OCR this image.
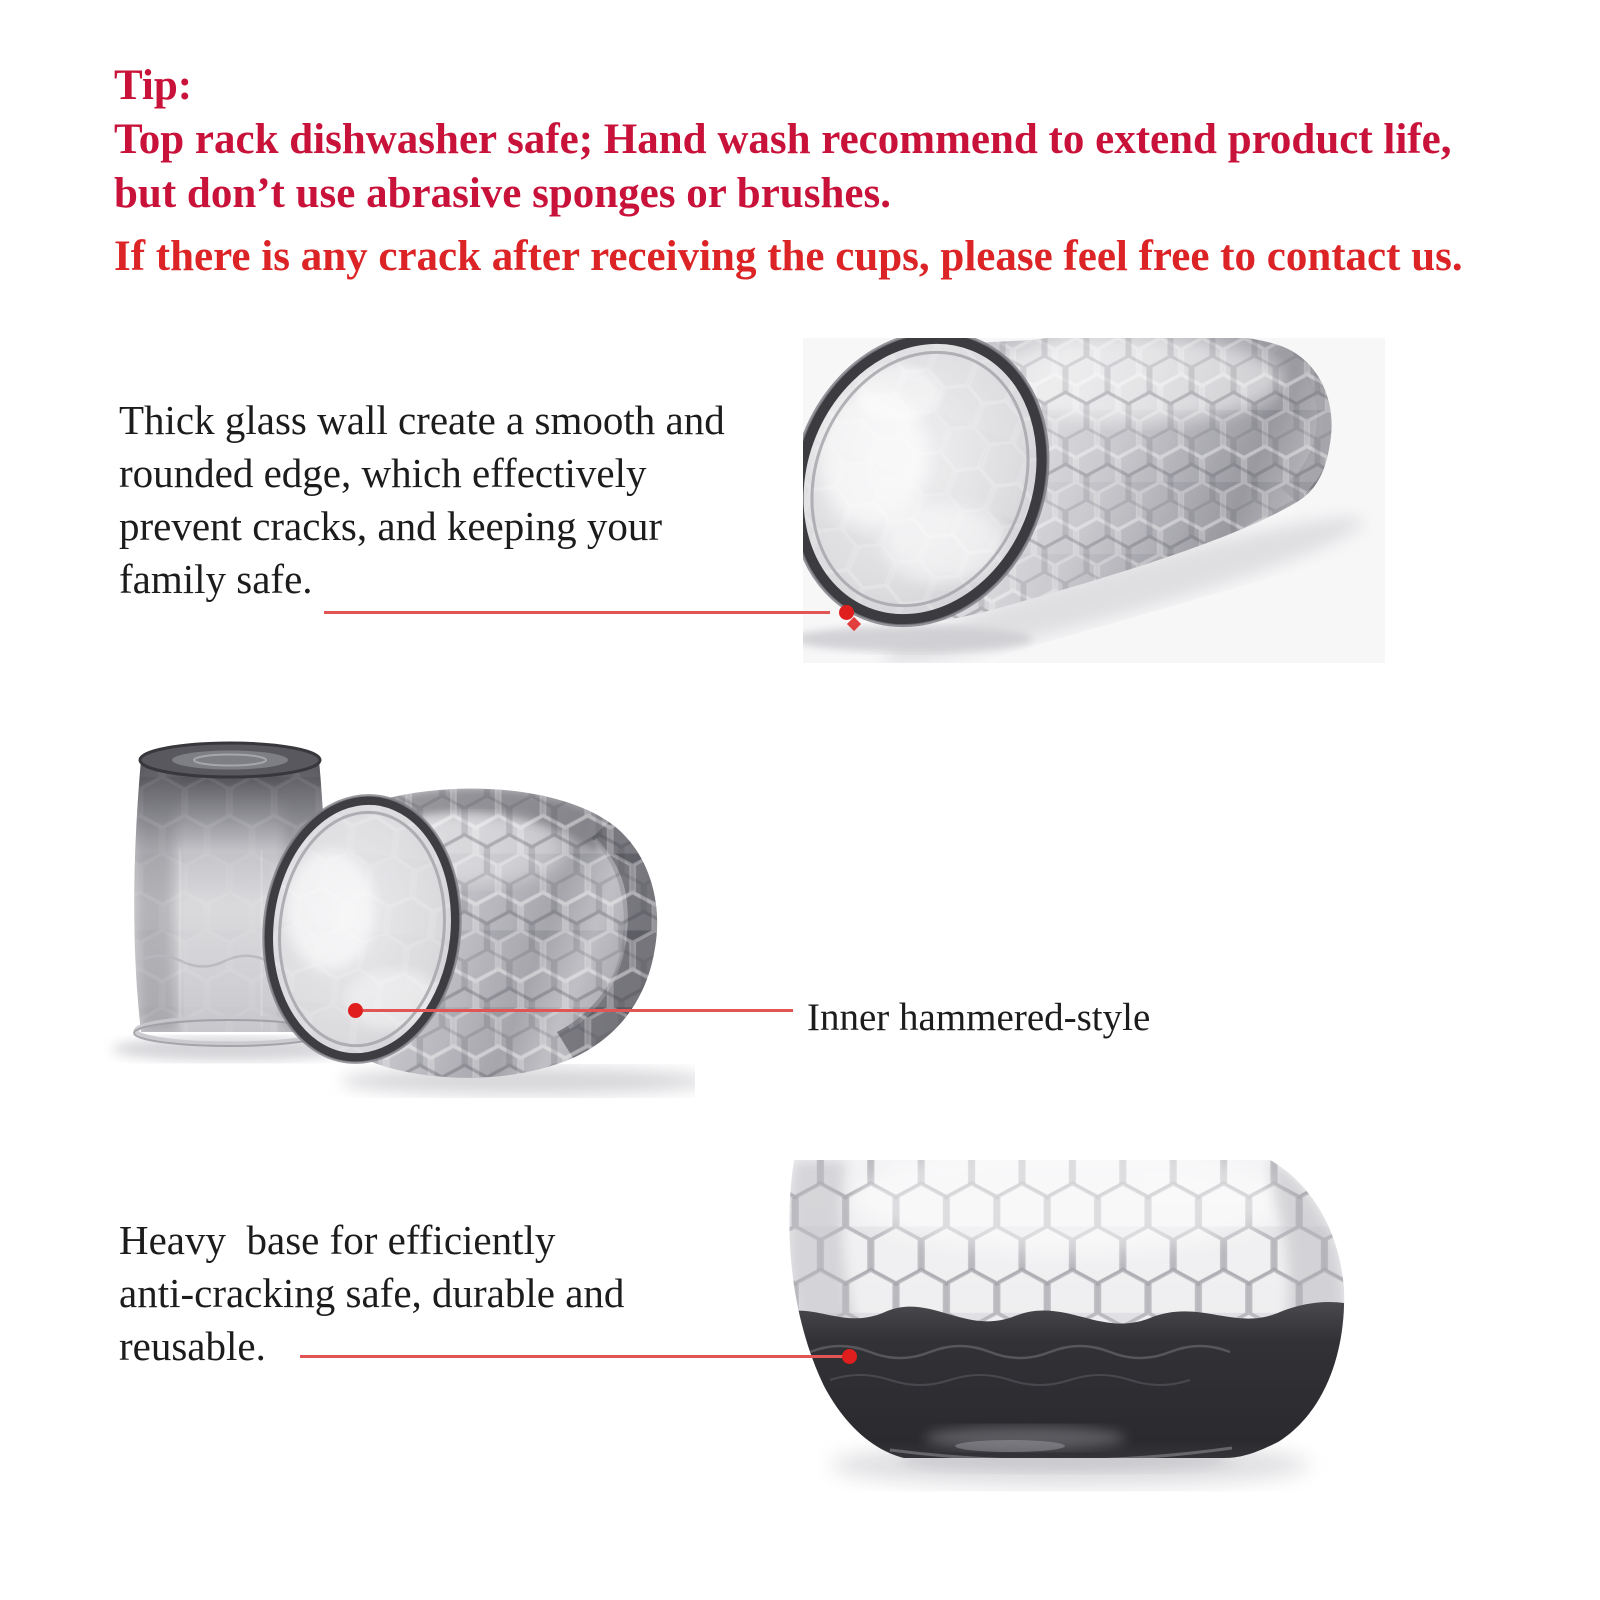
Tip:
Top rack dishwasher safe; Hand wash recommend to extend product life,
but don’t use abrasive sponges or brushes.
If there is any crack after receiving the cups, please feel free to contact us.
Thick glass wall create a smooth and
rounded edge, which effectively
prevent cracks, and keeping your
family safe.
Inner hammered-style
Heavy  base for efficiently
anti-cracking safe, durable and
reusable.
